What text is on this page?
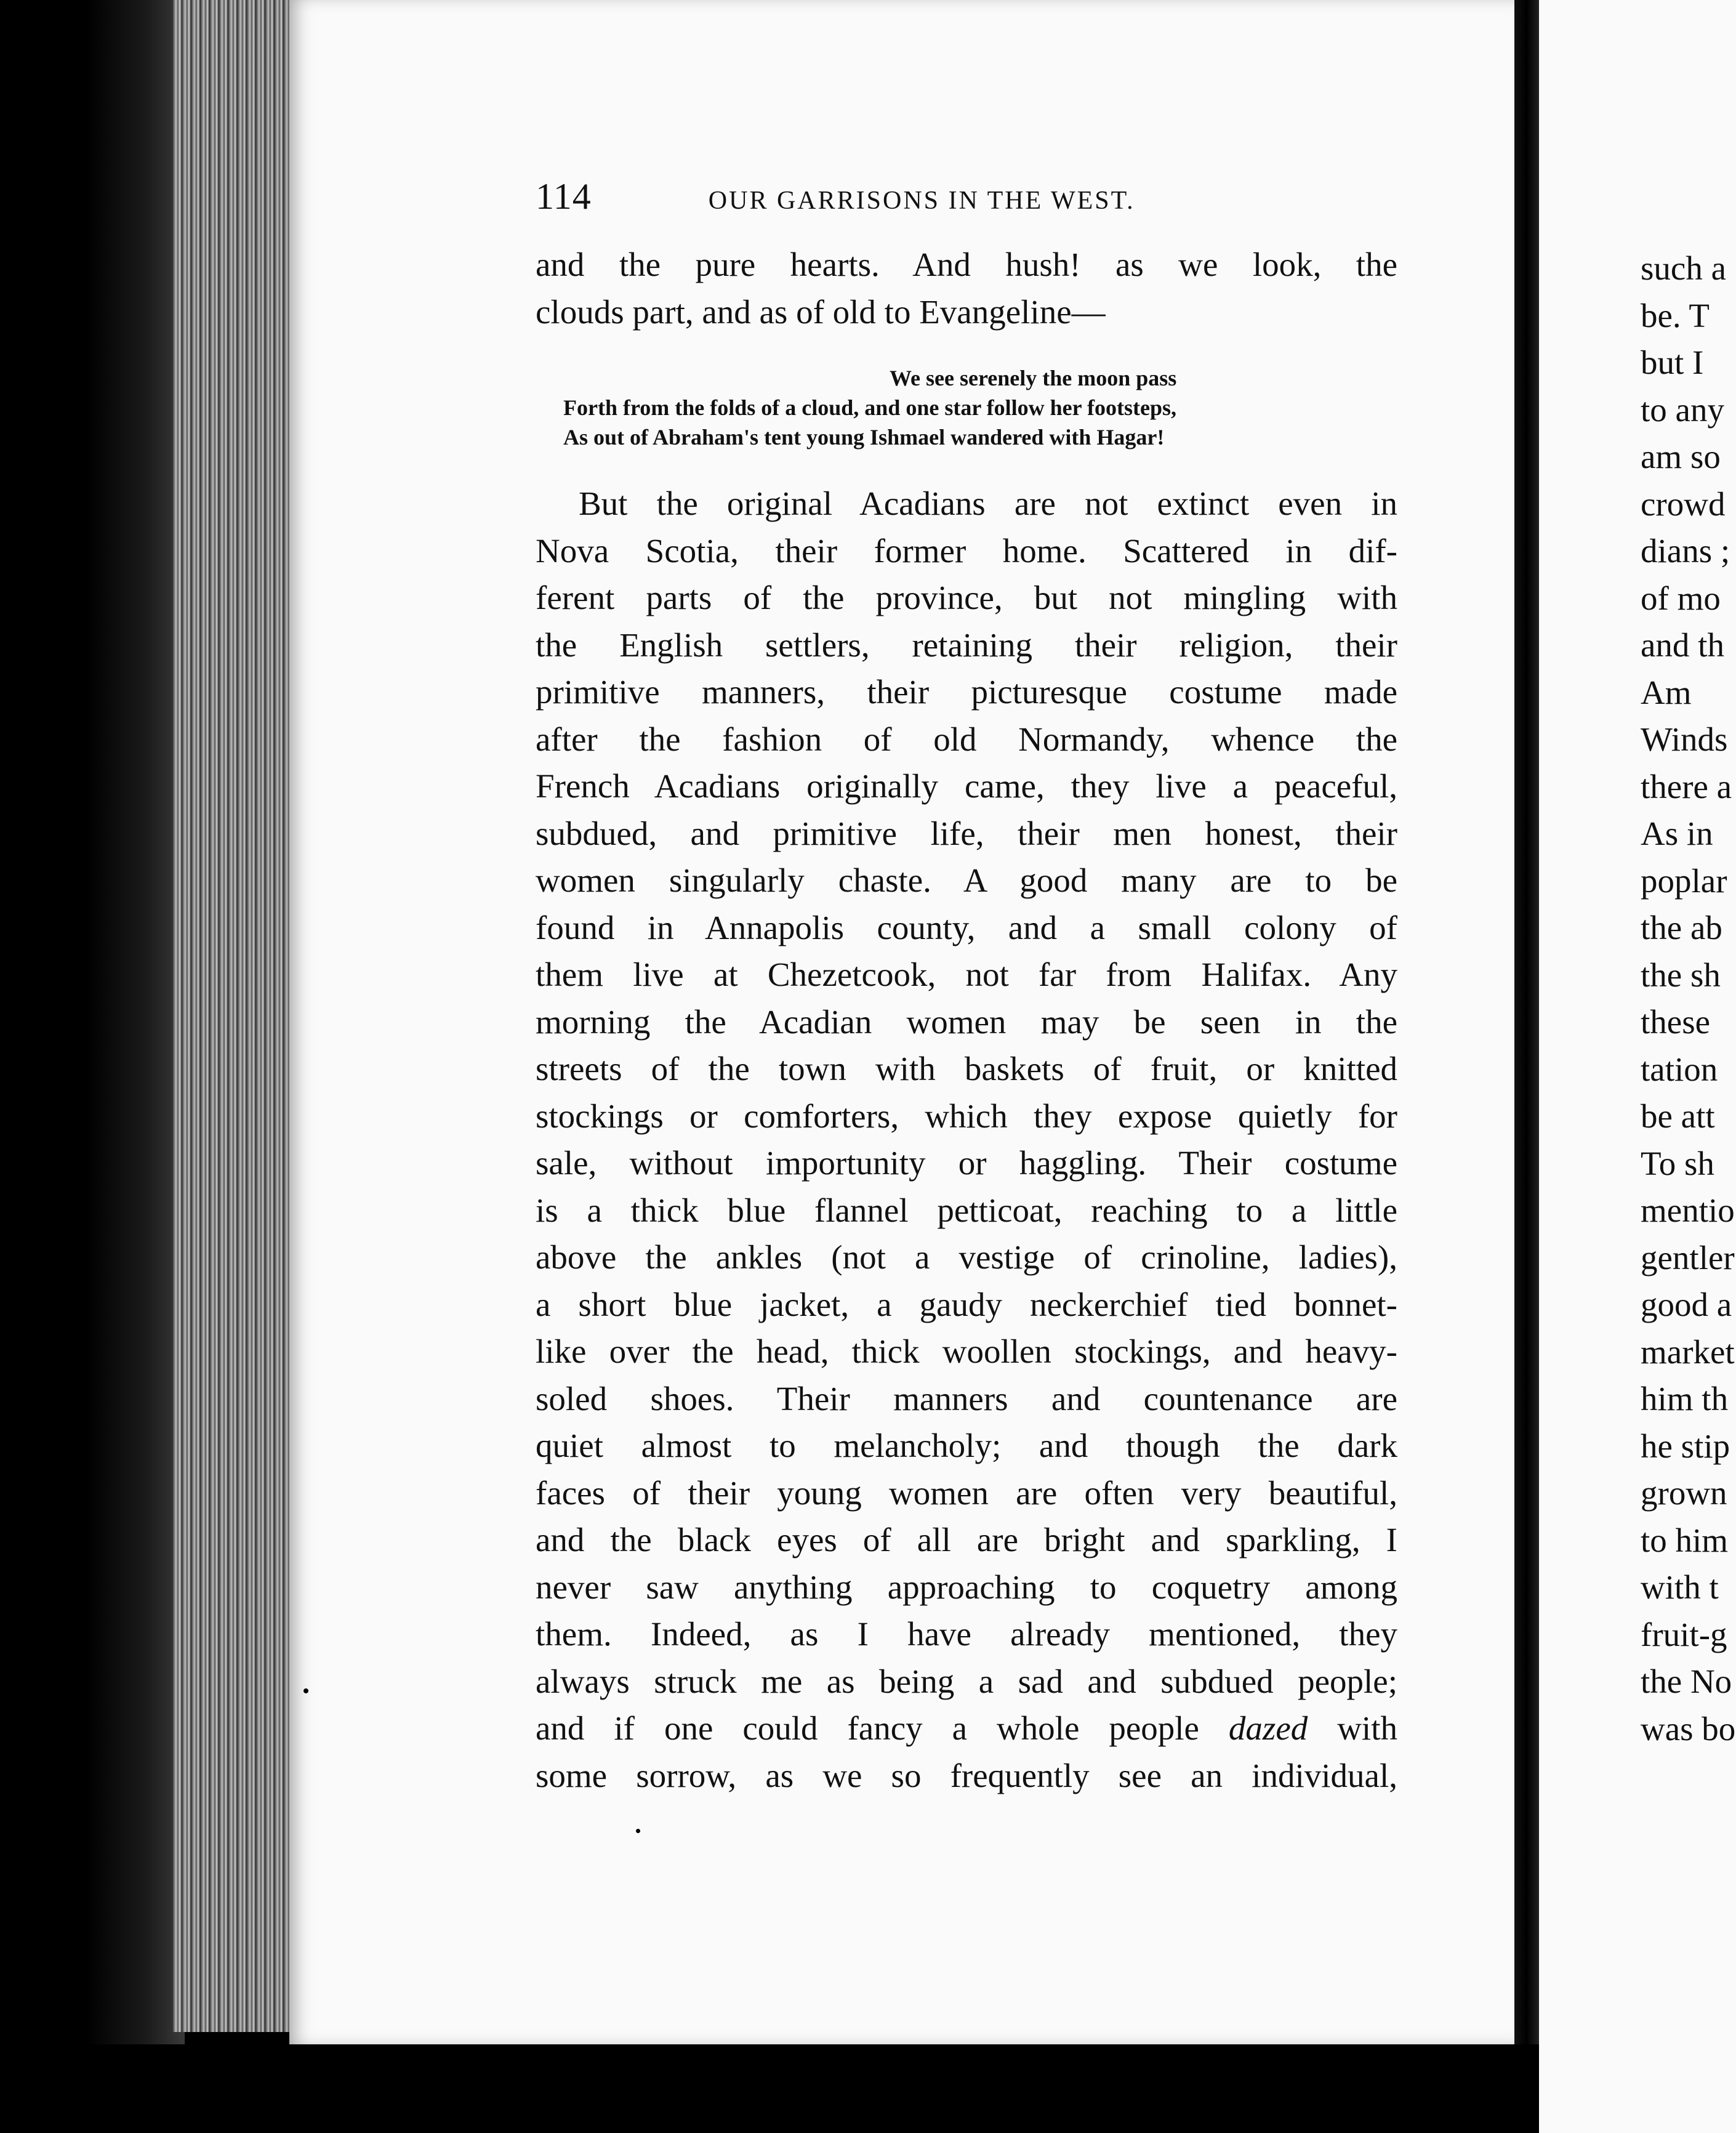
such a
be. T
but I
to any
am so
crowd
dians ;
of mo
and th
Am
Winds
there a
As in
poplar
the ab
the sh
these
tation
be att
To sh
mentio
gentler
good a
market
him th
he stip
grown
to him
with t
fruit-g
the No
was bo
114	OUR GARRISONS IN THE WEST.
and the pure hearts. And hush! as we look, the
clouds part, and as of old to Evangeline—
We see serenely the moon pass
Forth from the folds of a cloud, and one star follow her footsteps,
As out of Abraham's tent young Ishmael wandered with Hagar!
But the original Acadians are not extinct even in
Nova Scotia, their former home. Scattered in dif-
ferent parts of the province, but not mingling with
the English settlers, retaining their religion, their
primitive manners, their picturesque costume made
after the fashion of old Normandy, whence the
French Acadians originally came, they live a peaceful,
subdued, and primitive life, their men honest, their
women singularly chaste. A good many are to be
found in Annapolis county, and a small colony of
them live at Chezetcook, not far from Halifax. Any
morning the Acadian women may be seen in the
streets of the town with baskets of fruit, or knitted
stockings or comforters, which they expose quietly for
sale, without importunity or haggling. Their costume
is a thick blue flannel petticoat, reaching to a little
above the ankles (not a vestige of crinoline, ladies),
a short blue jacket, a gaudy neckerchief tied bonnet-
like over the head, thick woollen stockings, and heavy-
soled shoes. Their manners and countenance are
quiet almost to melancholy; and though the dark
faces of their young women are often very beautiful,
and the black eyes of all are bright and sparkling, I
never saw anything approaching to coquetry among
them. Indeed, as I have already mentioned, they
always struck me as being a sad and subdued people;
and if one could fancy a whole people dazed with
some sorrow, as we so frequently see an individual,
